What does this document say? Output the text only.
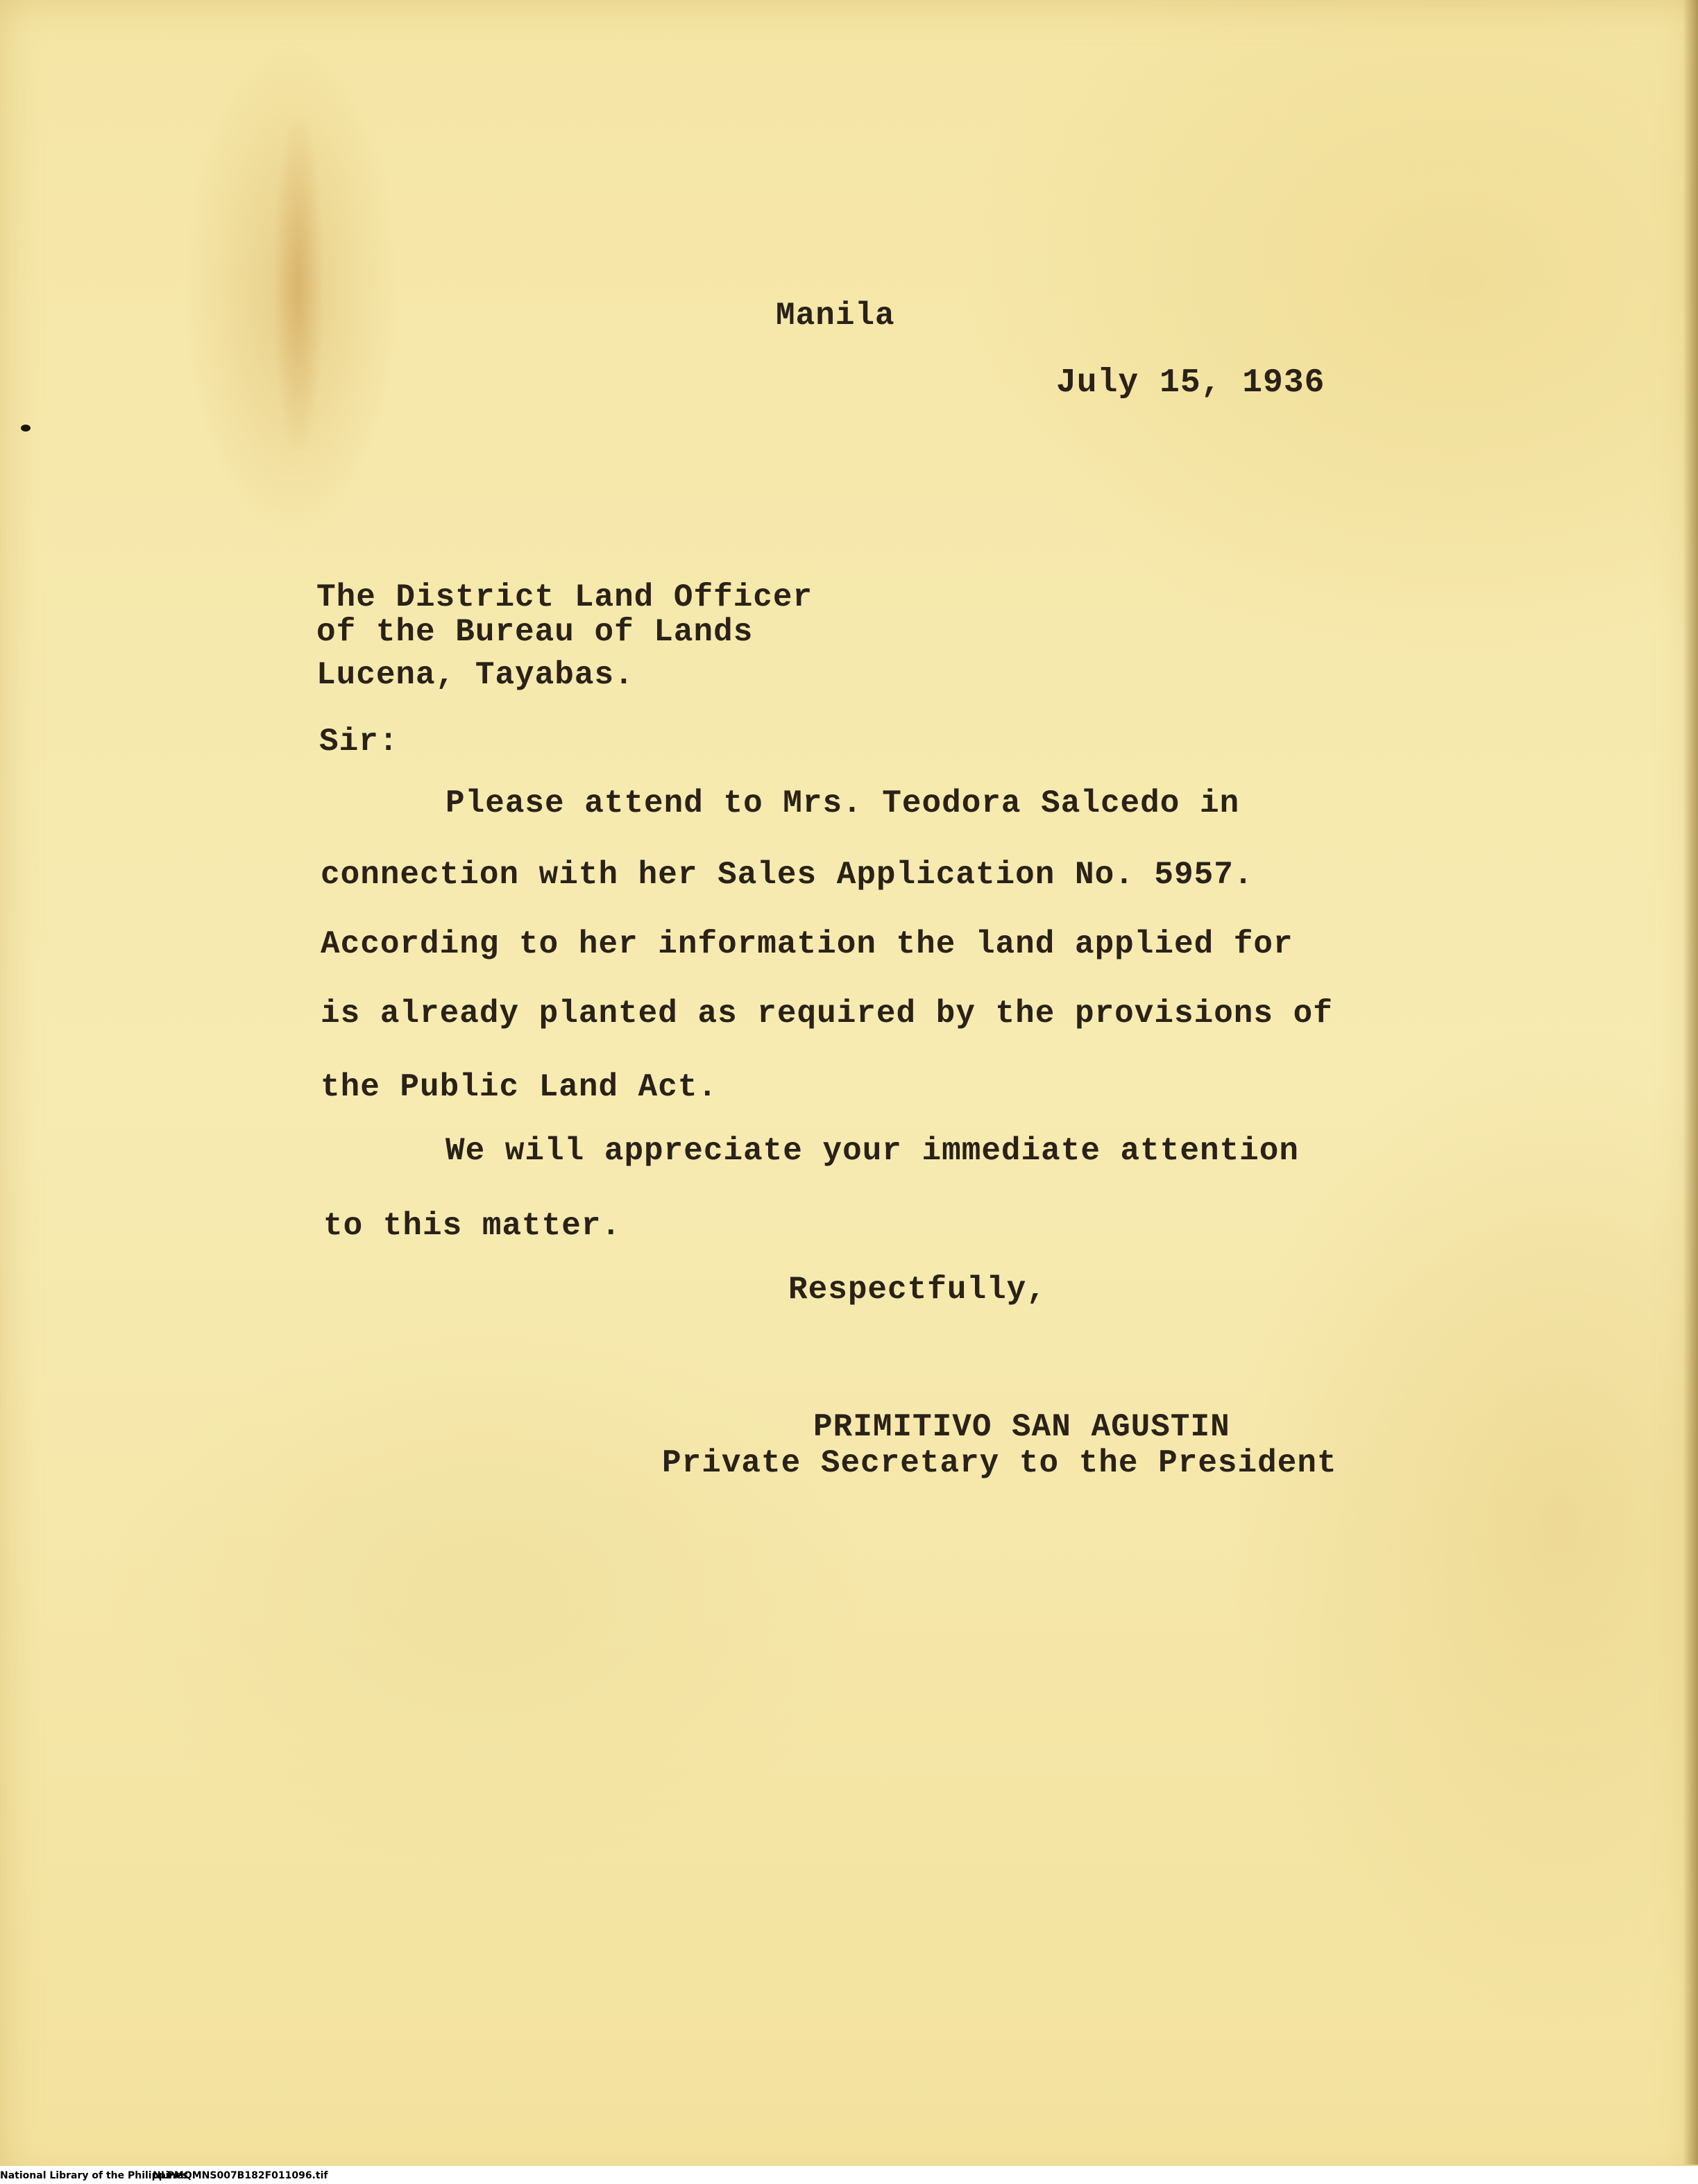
Manila
July 15, 1936
The District Land Officer
of the Bureau of Lands
Lucena, Tayabas.
Sir:
Please attend to Mrs. Teodora Salcedo in
connection with her Sales Application No. 5957.
According to her information the land applied for
is already planted as required by the provisions of
the Public Land Act.
We will appreciate your immediate attention
to this matter.
Respectfully,
PRIMITIVO SAN AGUSTIN
Private Secretary to the President
National Library of the Philippines
NLPMQMNS007B182F011096.tif
